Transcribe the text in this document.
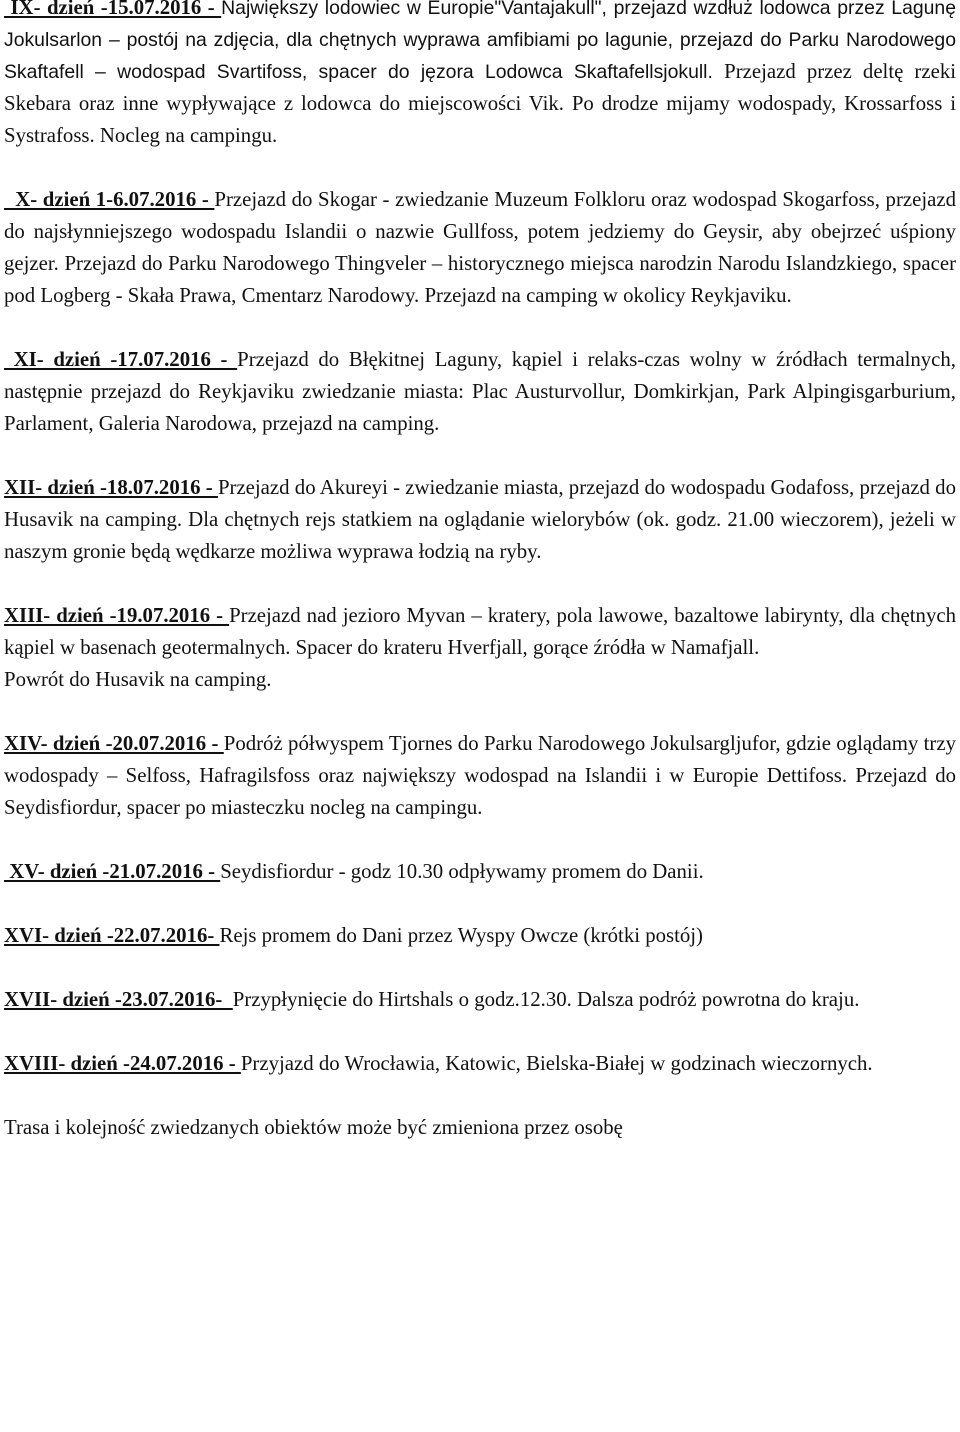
IX- dzień -15.07.2016 - Największy lodowiec w Europie"Vantajakull", przejazd wzdłuż lodowca przez Lagunę Jokulsarlon – postój na zdjęcia, dla chętnych wyprawa amfibiami po lagunie, przejazd do Parku Narodowego Skaftafell – wodospad Svartifoss, spacer do jęzora Lodowca Skaftafellsjokull. Przejazd przez deltę rzeki Skebara oraz inne wypływające z lodowca do miejscowości Vik. Po drodze mijamy wodospady, Krossarfoss i Systrafoss. Nocleg na campingu.

X- dzień 1-6.07.2016 - Przejazd do Skogar - zwiedzanie Muzeum Folkloru oraz wodospad Skogarfoss, przejazd do najsłynniejszego wodospadu Islandii o nazwie Gullfoss, potem jedziemy do Geysir, aby obejrzeć uśpiony gejzer. Przejazd do Parku Narodowego Thingveler – historycznego miejsca narodzin Narodu Islandzkiego, spacer pod Logberg - Skała Prawa, Cmentarz Narodowy. Przejazd na camping w okolicy Reykjaviku.

XI- dzień -17.07.2016 - Przejazd do Błękitnej Laguny, kąpiel i relaks-czas wolny w źródłach termalnych, następnie przejazd do Reykjaviku zwiedzanie miasta: Plac Austurvollur, Domkirkjan, Park Alpingisgarburium, Parlament, Galeria Narodowa, przejazd na camping.

XII- dzień -18.07.2016 - Przejazd do Akureyi - zwiedzanie miasta, przejazd do wodospadu Godafoss, przejazd do Husavik na camping. Dla chętnych rejs statkiem na oglądanie wielorybów (ok. godz. 21.00 wieczorem), jeżeli w naszym gronie będą wędkarze możliwa wyprawa łodzią na ryby.

XIII- dzień -19.07.2016 - Przejazd nad jezioro Myvan – kratery, pola lawowe, bazaltowe labirynty, dla chętnych kąpiel w basenach geotermalnych. Spacer do krateru Hverfjall, gorące źródła w Namafjall.

Powrót do Husavik na camping.

XIV- dzień -20.07.2016 - Podróż półwyspem Tjornes do Parku Narodowego Jokulsargljufor, gdzie oglądamy trzy wodospady – Selfoss, Hafragilsfoss oraz największy wodospad na Islandii i w Europie Dettifoss. Przejazd do Seydisfiordur, spacer po miasteczku nocleg na campingu.

XV- dzień -21.07.2016 - Seydisfiordur - godz 10.30 odpływamy promem do Danii.

XVI- dzień -22.07.2016- Rejs promem do Dani przez Wyspy Owcze (krótki postój)

XVII- dzień -23.07.2016-  Przypłynięcie do Hirtshals o godz.12.30. Dalsza podróż powrotna do kraju.

XVIII- dzień -24.07.2016 - Przyjazd do Wrocławia, Katowic, Bielska-Białej w godzinach wieczornych.

Trasa i kolejność zwiedzanych obiektów może być zmieniona przez osobę
